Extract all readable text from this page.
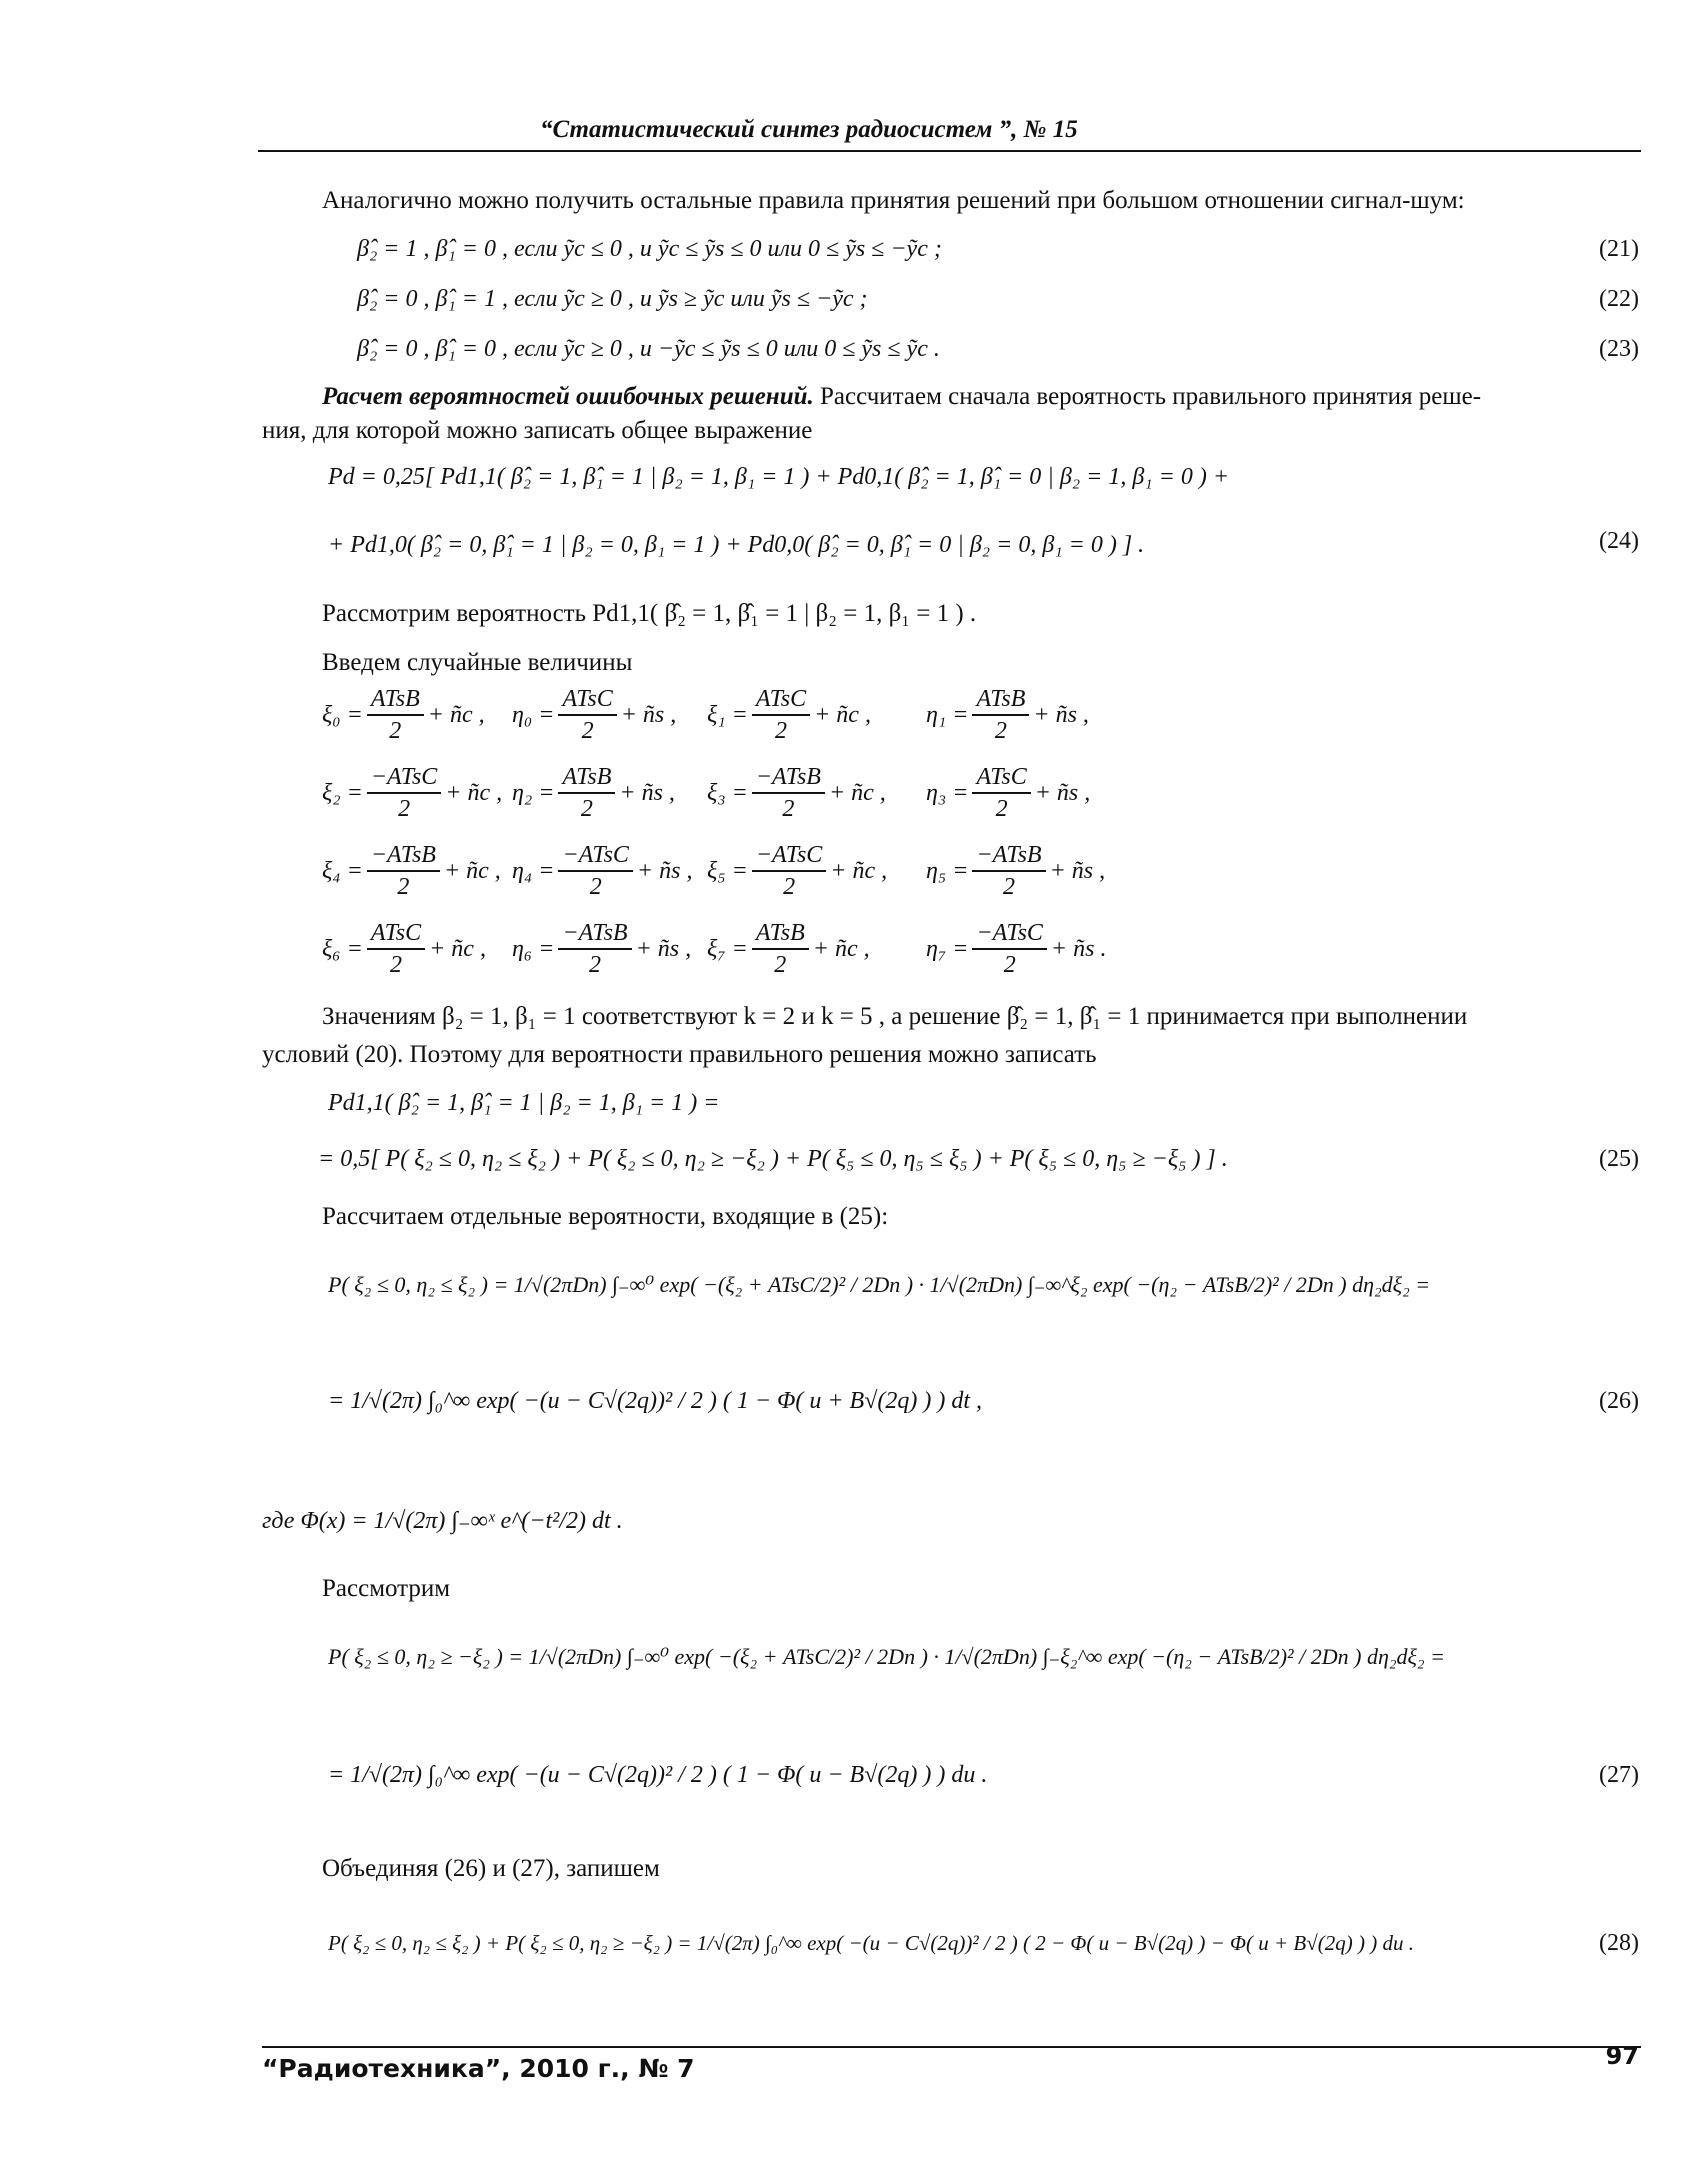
“Статистический синтез радиосистем ”, № 15
Аналогично можно получить остальные правила принятия решений при большом отношении сигнал-шум:
β̂₂ = 1 , β̂₁ = 0 , если ỹc ≤ 0 , и ỹc ≤ ỹs ≤ 0 или 0 ≤ ỹs ≤ −ỹc ;	(21)
β̂₂ = 0 , β̂₁ = 1 , если ỹc ≥ 0 , и ỹs ≥ ỹc или ỹs ≤ −ỹc ;	(22)
β̂₂ = 0 , β̂₁ = 0 , если ỹc ≥ 0 , и −ỹc ≤ ỹs ≤ 0 или 0 ≤ ỹs ≤ ỹc .	(23)
Расчет вероятностей ошибочных решений. Рассчитаем сначала вероятность правильного принятия реше-
ния, для которой можно записать общее выражение
Pd = 0,25[ Pd1,1( β̂₂ = 1, β̂₁ = 1 | β₂ = 1, β₁ = 1 ) + Pd0,1( β̂₂ = 1, β̂₁ = 0 | β₂ = 1, β₁ = 0 ) +
+ Pd1,0( β̂₂ = 0, β̂₁ = 1 | β₂ = 0, β₁ = 1 ) + Pd0,0( β̂₂ = 0, β̂₁ = 0 | β₂ = 0, β₁ = 0 ) ] .	(24)
Рассмотрим вероятность Pd1,1( β̂₂ = 1, β̂₁ = 1 | β₂ = 1, β₁ = 1 ) .
Введем случайные величины
$\xi_0 = \frac{\text{ATsB}}{2}$ + ñc , $\eta_0 = \frac{\text{ATsC}}{2}$ + ñs , $\xi_1 = \frac{\text{ATsC}}{2}$ + ñc , $\eta_1 = \frac{\text{ATsB}}{2}$ + ñs ,
$\xi_2 = \frac{\text{−ATsC}}{2}$ + ñc , $\eta_2 = \frac{\text{ATsB}}{2}$ + ñs , $\xi_3 = \frac{\text{−ATsB}}{2}$ + ñc , $\eta_3 = \frac{\text{ATsC}}{2}$ + ñs ,
$\xi_4 = \frac{\text{−ATsB}}{2}$ + ñc , $\eta_4 = \frac{\text{−ATsC}}{2}$ + ñs , $\xi_5 = \frac{\text{−ATsC}}{2}$ + ñc , $\eta_5 = \frac{\text{−ATsB}}{2}$ + ñs ,
$\xi_6 = \frac{\text{ATsC}}{2}$ + ñc , $\eta_6 = \frac{\text{−ATsB}}{2}$ + ñs , $\xi_7 = \frac{\text{ATsB}}{2}$ + ñc , $\eta_7 = \frac{\text{−ATsC}}{2}$ + ñs .
Значениям β₂ = 1, β₁ = 1 соответствуют k = 2 и k = 5 , а решение β̂₂ = 1, β̂₁ = 1 принимается при выполнении
условий (20). Поэтому для вероятности правильного решения можно записать
Pd1,1( β̂₂ = 1, β̂₁ = 1 | β₂ = 1, β₁ = 1 ) =
= 0,5[ P( ξ₂ ≤ 0, η₂ ≤ ξ₂ ) + P( ξ₂ ≤ 0, η₂ ≥ −ξ₂ ) + P( ξ₅ ≤ 0, η₅ ≤ ξ₅ ) + P( ξ₅ ≤ 0, η₅ ≥ −ξ₅ ) ] .	(25)
Рассчитаем отдельные вероятности, входящие в (25):
P( ξ₂ ≤ 0, η₂ ≤ ξ₂ ) = 1/√(2πDn) ∫₋∞⁰ exp( −(ξ₂ + ATsC/2)² / 2Dn ) · 1/√(2πDn) ∫₋∞^ξ₂ exp( −(η₂ − ATsB/2)² / 2Dn ) dη₂dξ₂ =
= 1/√(2π) ∫₀^∞ exp( −(u − C√(2q))² / 2 ) ( 1 − Φ( u + B√(2q) ) ) dt ,	(26)
где Φ(x) = 1/√(2π) ∫₋∞ˣ e^(−t²/2) dt .
Рассмотрим
P( ξ₂ ≤ 0, η₂ ≥ −ξ₂ ) = 1/√(2πDn) ∫₋∞⁰ exp( −(ξ₂ + ATsC/2)² / 2Dn ) · 1/√(2πDn) ∫₋ξ₂^∞ exp( −(η₂ − ATsB/2)² / 2Dn ) dη₂dξ₂ =
= 1/√(2π) ∫₀^∞ exp( −(u − C√(2q))² / 2 ) ( 1 − Φ( u − B√(2q) ) ) du .	(27)
Объединяя (26) и (27), запишем
P( ξ₂ ≤ 0, η₂ ≤ ξ₂ ) + P( ξ₂ ≤ 0, η₂ ≥ −ξ₂ ) = 1/√(2π) ∫₀^∞ exp( −(u − C√(2q))² / 2 ) ( 2 − Φ( u − B√(2q) ) − Φ( u + B√(2q) ) ) du .	(28)
“Радиотехника”, 2010 г., № 7	97
